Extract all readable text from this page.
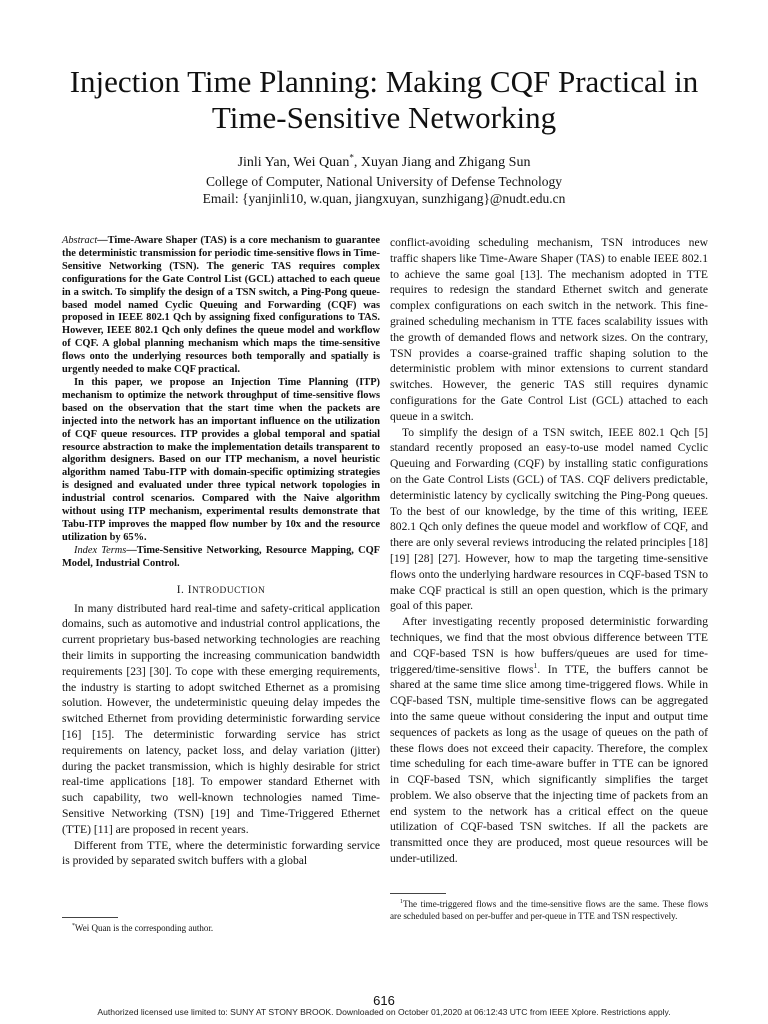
Injection Time Planning: Making CQF Practical in Time-Sensitive Networking
Jinli Yan, Wei Quan*, Xuyan Jiang and Zhigang Sun
College of Computer, National University of Defense Technology
Email: {yanjinli10, w.quan, jiangxuyan, sunzhigang}@nudt.edu.cn

Abstract—Time-Aware Shaper (TAS) is a core mechanism to guarantee the deterministic transmission for periodic time-sensitive flows in Time-Sensitive Networking (TSN). The generic TAS requires complex configurations for the Gate Control List (GCL) attached to each queue in a switch. To simplify the design of a TSN switch, a Ping-Pong queue-based model named Cyclic Queuing and Forwarding (CQF) was proposed in IEEE 802.1 Qch by assigning fixed configurations to TAS. However, IEEE 802.1 Qch only defines the queue model and workflow of CQF. A global planning mechanism which maps the time-sensitive flows onto the underlying resources both temporally and spatially is urgently needed to make CQF practical.

In this paper, we propose an Injection Time Planning (ITP) mechanism to optimize the network throughput of time-sensitive flows based on the observation that the start time when the packets are injected into the network has an important influence on the utilization of CQF queue resources. ITP provides a global temporal and spatial resource abstraction to make the implementation details transparent to algorithm designers. Based on our ITP mechanism, a novel heuristic algorithm named Tabu-ITP with domain-specific optimizing strategies is designed and evaluated under three typical network topologies in industrial control scenarios. Compared with the Naive algorithm without using ITP mechanism, experimental results demonstrate that Tabu-ITP improves the mapped flow number by 10x and the resource utilization by 65%.

Index Terms—Time-Sensitive Networking, Resource Mapping, CQF Model, Industrial Control.

I. INTRODUCTION

In many distributed hard real-time and safety-critical application domains, such as automotive and industrial control applications, the current proprietary bus-based networking technologies are reaching their limits in supporting the increasing communication bandwidth requirements [23] [30]. To cope with these emerging requirements, the industry is starting to adopt switched Ethernet as a promising solution. However, the undeterministic queuing delay impedes the switched Ethernet from providing deterministic forwarding service [16] [15]. The deterministic forwarding service has strict requirements on latency, packet loss, and delay variation (jitter) during the packet transmission, which is highly desirable for strict real-time applications [18]. To empower standard Ethernet with such capability, two well-known technologies named Time-Sensitive Networking (TSN) [19] and Time-Triggered Ethernet (TTE) [11] are proposed in recent years.

Different from TTE, where the deterministic forwarding service is provided by separated switch buffers with a global

conflict-avoiding scheduling mechanism, TSN introduces new traffic shapers like Time-Aware Shaper (TAS) to enable IEEE 802.1 to achieve the same goal [13]. The mechanism adopted in TTE requires to redesign the standard Ethernet switch and generate complex configurations on each switch in the network. This fine-grained scheduling mechanism in TTE faces scalability issues with the growth of demanded flows and network sizes. On the contrary, TSN provides a coarse-grained traffic shaping solution to the deterministic problem with minor extensions to current standard switches. However, the generic TAS still requires dynamic configurations for the Gate Control List (GCL) attached to each queue in a switch.

To simplify the design of a TSN switch, IEEE 802.1 Qch [5] standard recently proposed an easy-to-use model named Cyclic Queuing and Forwarding (CQF) by installing static configurations on the Gate Control Lists (GCL) of TAS. CQF delivers predictable, deterministic latency by cyclically switching the Ping-Pong queues. To the best of our knowledge, by the time of this writing, IEEE 802.1 Qch only defines the queue model and workflow of CQF, and there are only several reviews introducing the related principles [18] [19] [28] [27]. However, how to map the targeting time-sensitive flows onto the underlying hardware resources in CQF-based TSN to make CQF practical is still an open question, which is the primary goal of this paper.

After investigating recently proposed deterministic forwarding techniques, we find that the most obvious difference between TTE and CQF-based TSN is how buffers/queues are used for time-triggered/time-sensitive flows$^1$. In TTE, the buffers cannot be shared at the same time slice among time-triggered flows. While in CQF-based TSN, multiple time-sensitive flows can be aggregated into the same queue without considering the input and output time sequences of packets as long as the usage of queues on the path of these flows does not exceed their capacity. Therefore, the complex time scheduling for each time-aware buffer in TTE can be ignored in CQF-based TSN, which significantly simplifies the target problem. We also observe that the injecting time of packets from an end system to the network has a critical effect on the queue utilization of CQF-based TSN switches. If all the packets are transmitted once they are produced, most queue resources will be under-utilized.

*Wei Quan is the corresponding author.
$^1$The time-triggered flows and the time-sensitive flows are the same. These flows are scheduled based on per-buffer and per-queue in TTE and TSN respectively.
616
Authorized licensed use limited to: SUNY AT STONY BROOK. Downloaded on October 01,2020 at 06:12:43 UTC from IEEE Xplore. Restrictions apply.
